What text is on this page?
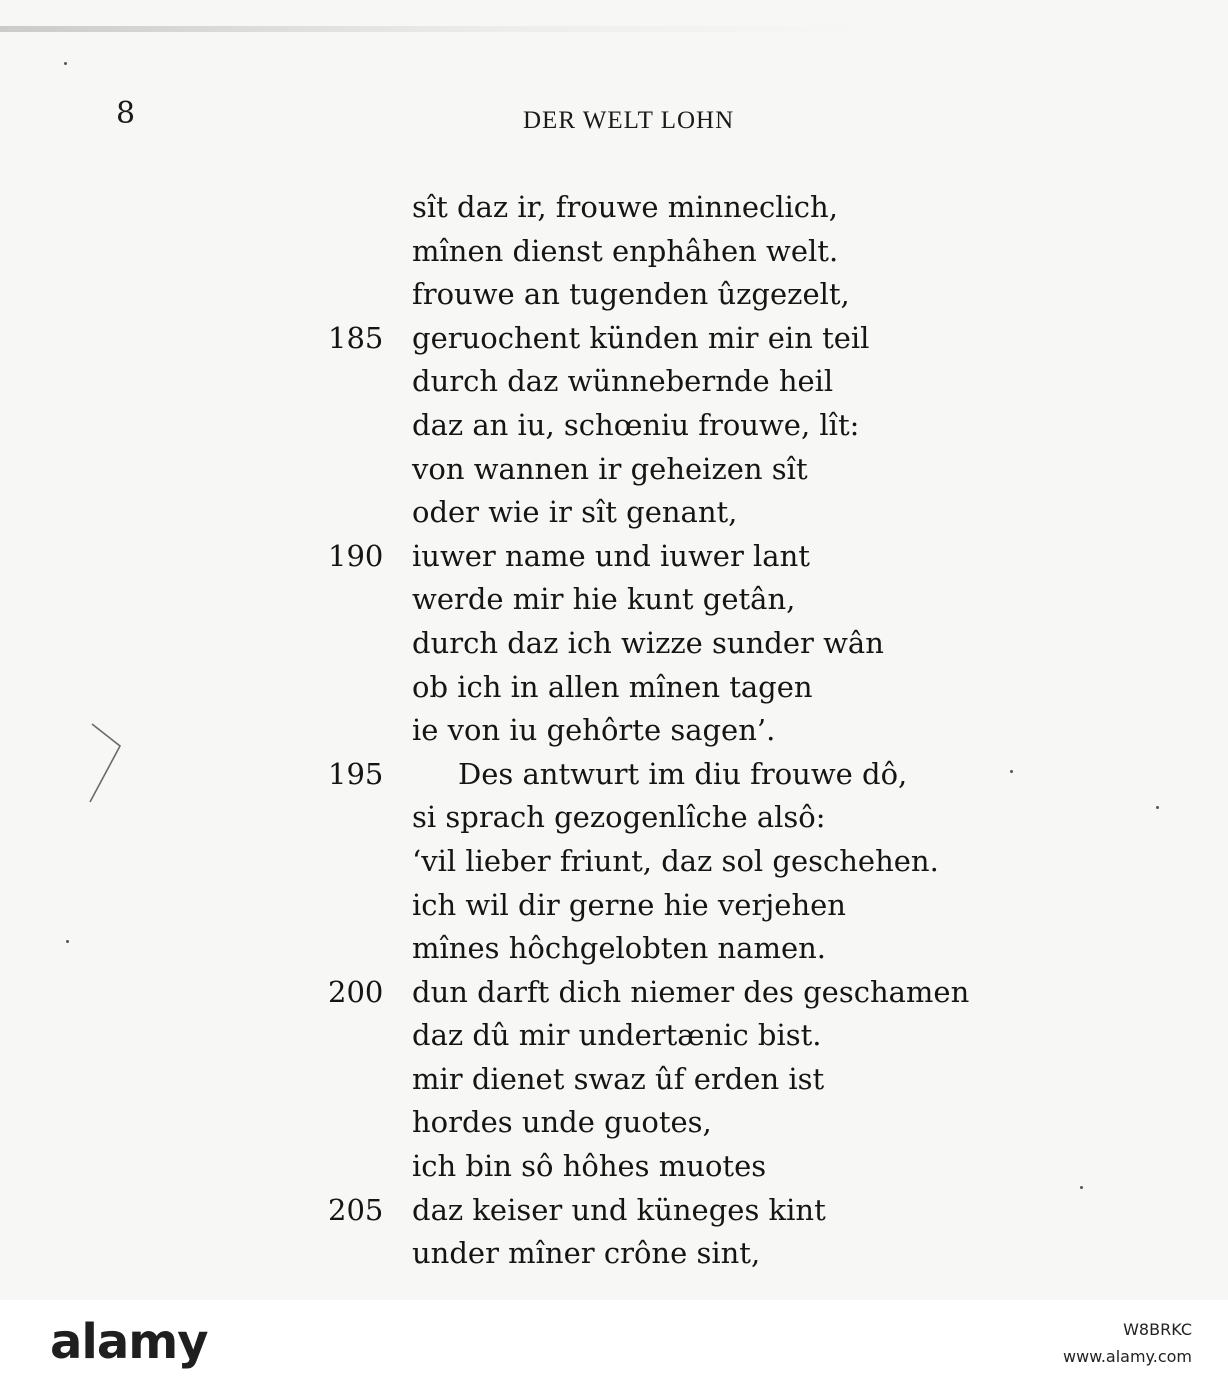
8	DER WELT LOHN
sît daz ir, frouwe minneclich,
mînen dienst enphâhen welt.
frouwe an tugenden ûzgezelt,
185 geruochent künden mir ein teil
durch daz wünnebernde heil
daz an iu, schœniu frouwe, lît:
von wannen ir geheizen sît
oder wie ir sît genant,
190 iuwer name und iuwer lant
werde mir hie kunt getân,
durch daz ich wizze sunder wân
ob ich in allen mînen tagen
ie von iu gehôrte sagen’.
195	Des antwurt im diu frouwe dô,
si sprach gezogenlîche alsô:
‘vil lieber friunt, daz sol geschehen.
ich wil dir gerne hie verjehen
mînes hôchgelobten namen.
200 dun darft dich niemer des geschamen
daz dû mir undertænic bist.
mir dienet swaz ûf erden ist
hordes unde guotes,
ich bin sô hôhes muotes
205 daz keiser und küneges kint
under mîner crône sint,
alamy	W8BRKC
www.alamy.com
